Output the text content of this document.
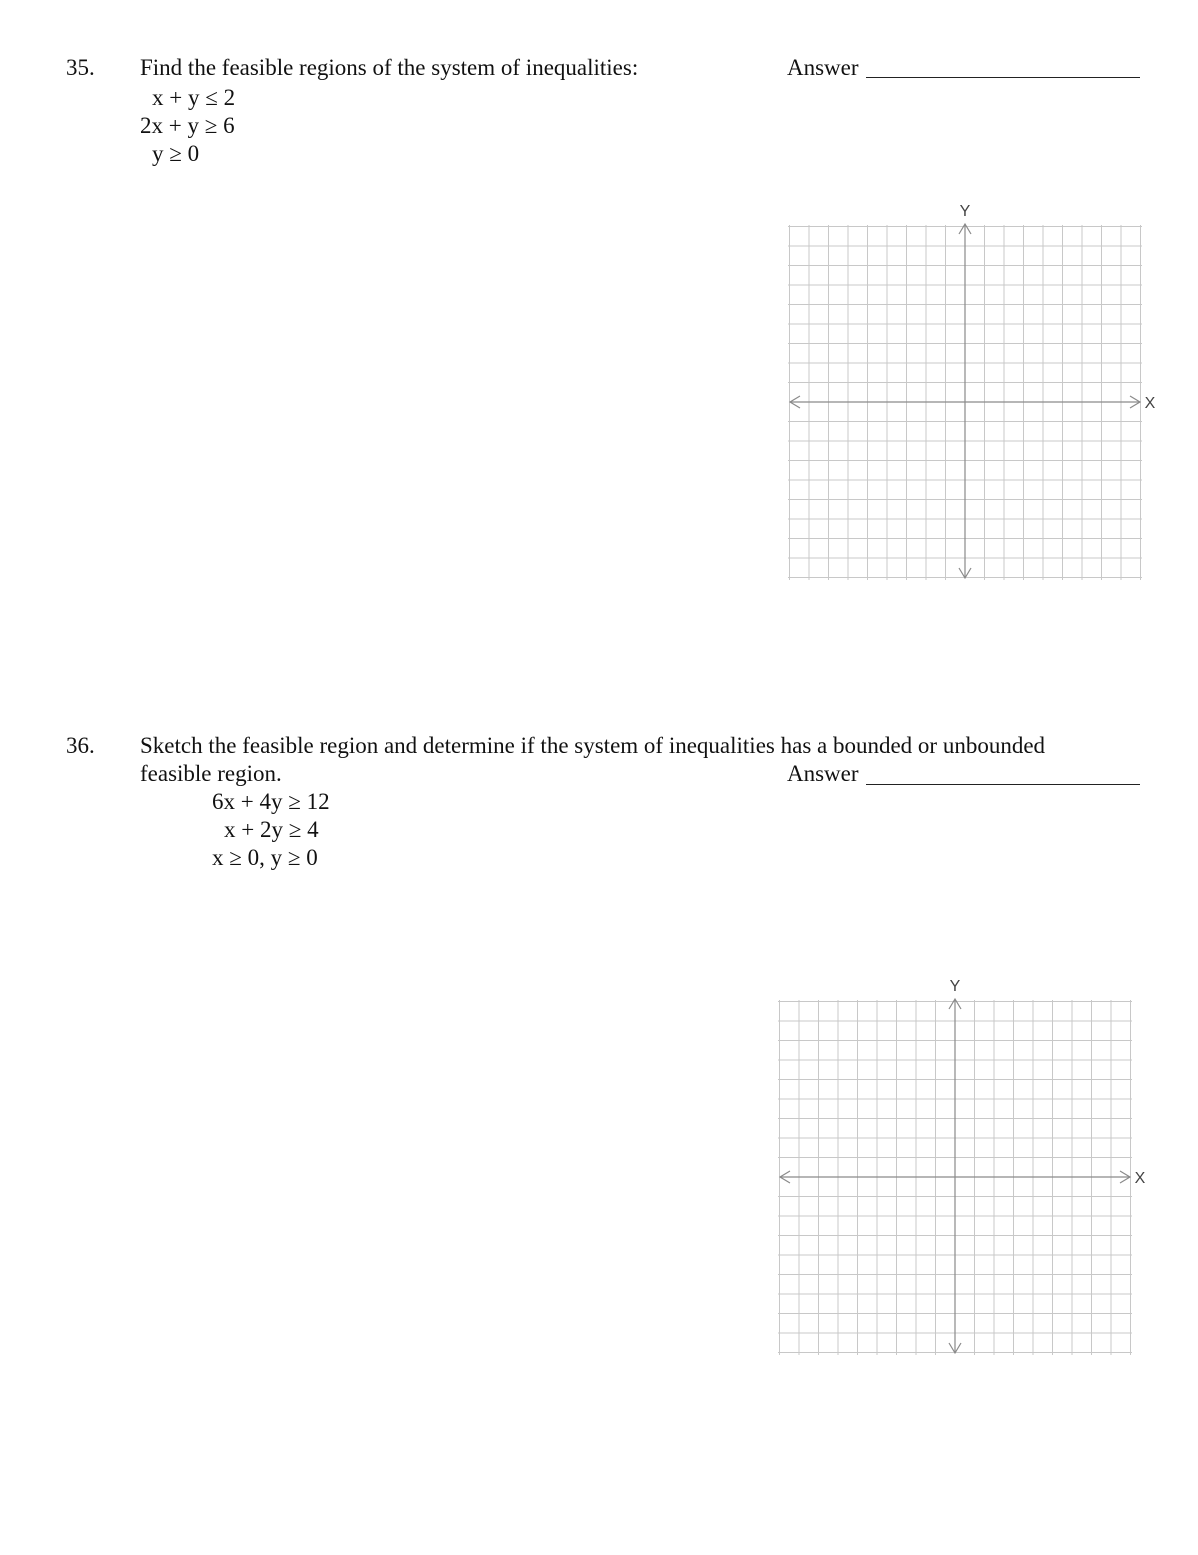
35. Find the feasible regions of the system of inequalities:	Answer
x + y ≤ 2
2x + y ≥ 6
y ≥ 0
Y
X
36. Sketch the feasible region and determine if the system of inequalities has a bounded or unbounded
feasible region.	Answer
6x + 4y ≥ 12
x + 2y ≥ 4
x ≥ 0, y ≥ 0
Y
X
